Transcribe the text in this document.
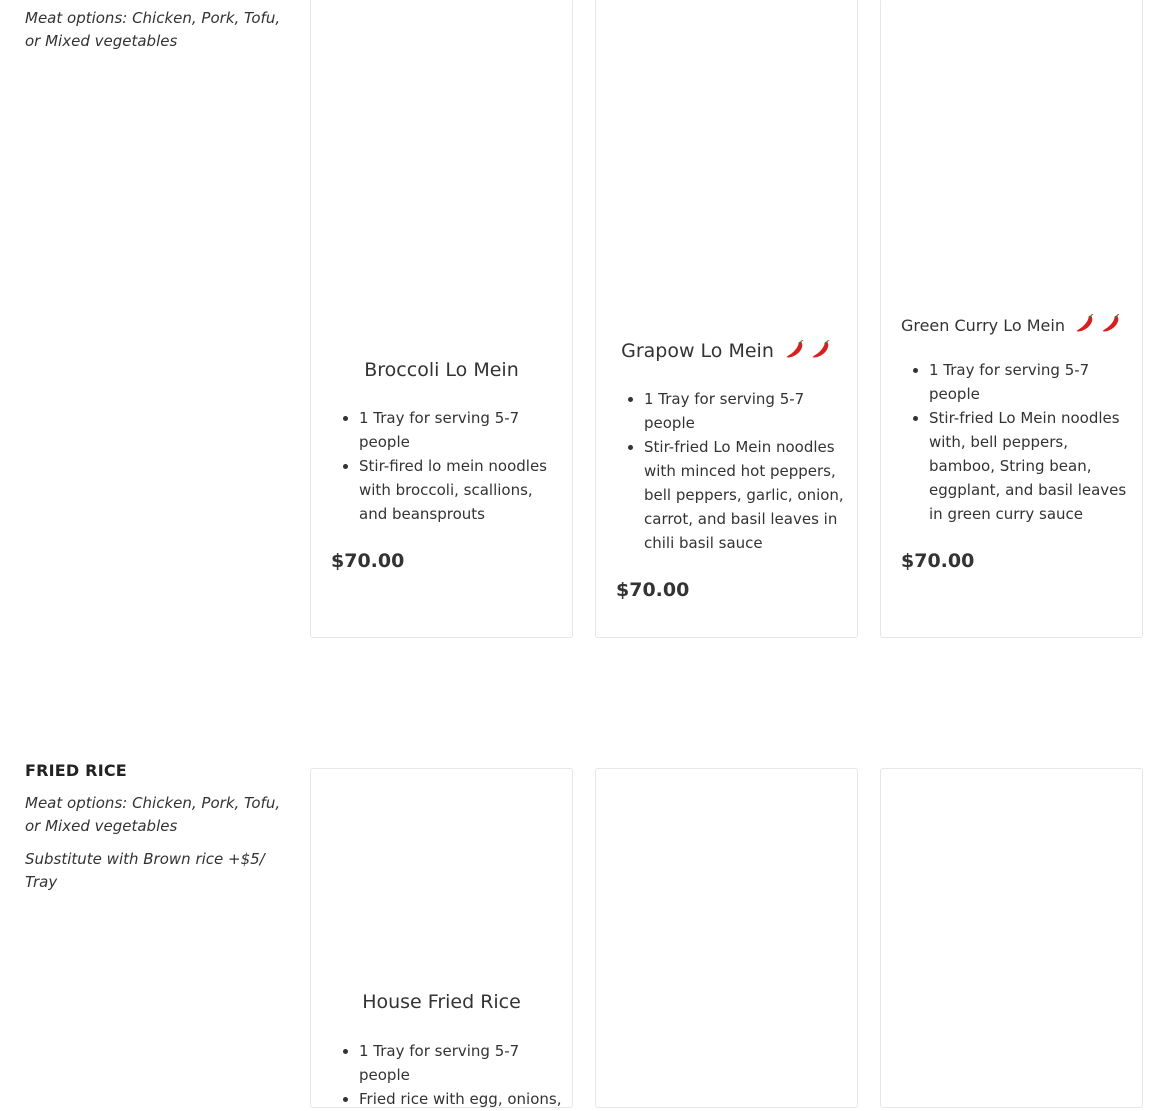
Meat options: Chicken, Pork, Tofu, or Mixed vegetables
Broccoli Lo Mein
• 1 Tray for serving 5-7 people
• Stir-fired lo mein noodles with broccoli, scallions, and beansprouts
$70.00
Grapow Lo Mein
• 1 Tray for serving 5-7 people
• Stir-fried Lo Mein noodles with minced hot peppers, bell peppers, garlic, onion, carrot, and basil leaves in chili basil sauce
$70.00
Green Curry Lo Mein
• 1 Tray for serving 5-7 people
• Stir-fried Lo Mein noodles with, bell peppers, bamboo, String bean, eggplant, and basil leaves in green curry sauce
$70.00
FRIED RICE
Meat options: Chicken, Pork, Tofu, or Mixed vegetables
Substitute with Brown rice +$5/ Tray
House Fried Rice
• 1 Tray for serving 5-7 people
• Fried rice with egg, onions,
